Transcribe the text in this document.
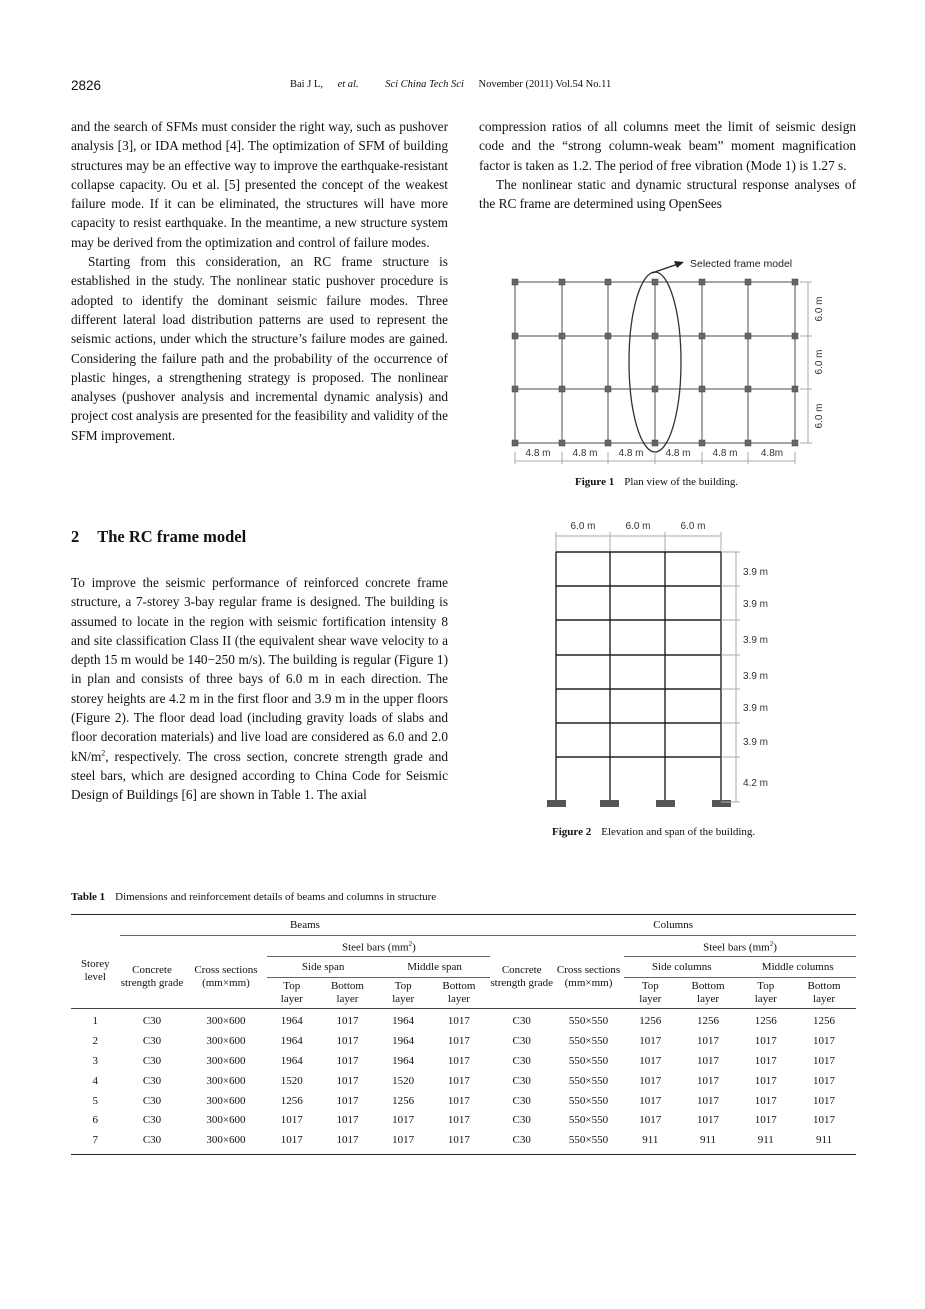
2826	Bai J L, et al.	Sci China Tech Sci November (2011) Vol.54 No.11

and the search of SFMs must consider the right way, such as pushover analysis [3], or IDA method [4]. The optimization of SFM of building structures may be an effective way to improve the earthquake-resistant collapse capacity. Ou et al. [5] presented the concept of the weakest failure mode. If it can be eliminated, the structures will have more capacity to resist earthquake. In the meantime, a new structure system may be derived from the optimization and control of failure modes.

Starting from this consideration, an RC frame structure is established in the study. The nonlinear static pushover procedure is adopted to identify the dominant seismic failure modes. Three different lateral load distribution patterns are used to represent the seismic actions, under which the structure’s failure modes are gained. Considering the failure path and the probability of the occurrence of plastic hinges, a strengthening strategy is proposed. The nonlinear analyses (pushover analysis and incremental dynamic analysis) and project cost analysis are presented for the feasibility and validity of the SFM improvement.

2 The RC frame model

To improve the seismic performance of reinforced concrete frame structure, a 7-storey 3-bay regular frame is designed. The building is assumed to locate in the region with seismic fortification intensity 8 and site classification Class II (the equivalent shear wave velocity to a depth 15 m would be 140−250 m/s). The building is regular (Figure 1) in plan and consists of three bays of 6.0 m in each direction. The storey heights are 4.2 m in the first floor and 3.9 m in the upper floors (Figure 2). The floor dead load (including gravity loads of slabs and floor decoration materials) and live load are considered as 6.0 and 2.0 $kN/m^2$, respectively. The cross section, concrete strength grade and steel bars, which are designed according to China Code for Seismic Design of Buildings [6] are shown in Table 1. The axial

compression ratios of all columns meet the limit of seismic design code and the “strong column-weak beam” moment magnification factor is taken as 1.2. The period of free vibration (Mode 1) is 1.27 s.

The nonlinear static and dynamic structural response analyses of the RC frame are determined using OpenSees

Selected frame model
4.8 m 4.8 m 4.8 m 4.8 m 4.8 m 4.8m
6.0 m
6.0 m
6.0 m
Figure 1 Plan view of the building.
6.0 m	6.0 m	6.0 m
3.9 m
3.9 m
3.9 m
3.9 m
3.9 m
3.9 m
4.2 m
Figure 2 Elevation and span of the building.
Table 1 Dimensions and reinforcement details of beams and columns in structure
Storey level	Beams						Columns					
	Concrete strength grade	Cross sections (mm×mm)	Steel bars $(mm^2)$				Concrete strength grade	Cross sections (mm×mm)	Steel bars $(mm^2)$			
			Side span		Middle span				Side columns		Middle columns	
			Top layer	Bottom layer	Top layer	Bottom layer			Top layer	Bottom layer	Top layer	Bottom layer
1	C30	300×600	1964	1017	1964	1017	C30	550×550	1256	1256	1256	1256
2	C30	300×600	1964	1017	1964	1017	C30	550×550	1017	1017	1017	1017
3	C30	300×600	1964	1017	1964	1017	C30	550×550	1017	1017	1017	1017
4	C30	300×600	1520	1017	1520	1017	C30	550×550	1017	1017	1017	1017
5	C30	300×600	1256	1017	1256	1017	C30	550×550	1017	1017	1017	1017
6	C30	300×600	1017	1017	1017	1017	C30	550×550	1017	1017	1017	1017
7	C30	300×600	1017	1017	1017	1017	C30	550×550	911	911	911	911
